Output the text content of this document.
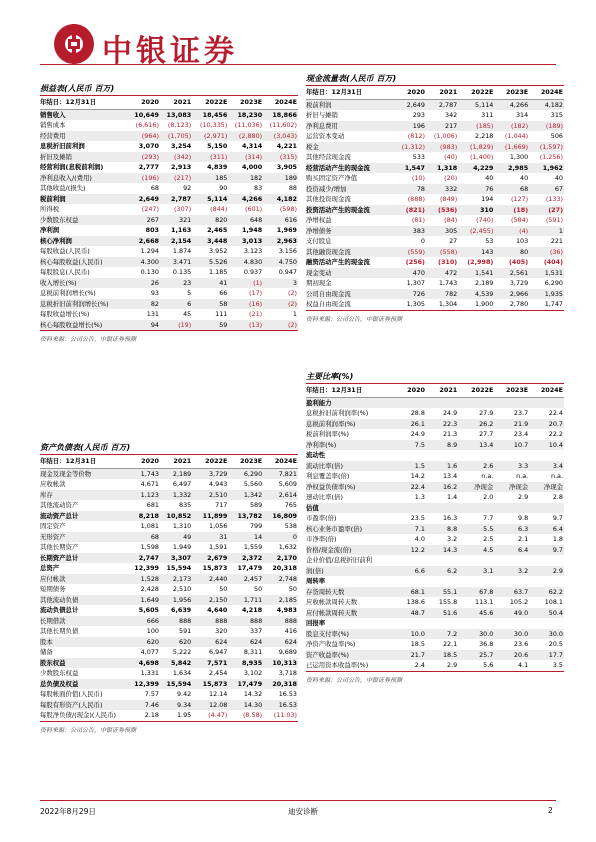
中银证券
损益表(人民币 百万)
年结日：12月31日	2020	2021	2022E	2023E	2024E
销售收入	10,649	13,083	18,456	18,230	18,866
销售成本	(6,616)	(8,123)	(10,335)	(11,036)	(11,602)
经营费用	(964)	(1,705)	(2,971)	(2,880)	(3,043)
息税折旧前利润	3,070	3,254	5,150	4,314	4,221
折旧及摊销	(293)	(342)	(311)	(314)	(315)
经营利润(息税前利润)	2,777	2,913	4,839	4,000	3,905
净利息收入/(费用)	(196)	(217)	185	182	189
其他收益/(损失)	68	92	90	83	88
税前利润	2,649	2,787	5,114	4,266	4,182
所得税	(247)	(307)	(844)	(601)	(598)
少数股东权益	267	321	820	648	616
净利润	803	1,163	2,465	1,948	1,969
核心净利润	2,668	2,154	3,448	3,013	2,963
每股收益(人民币)	1.294	1.874	3.952	3.123	3.156
核心每股收益(人民币)	4.300	3.471	5.526	4.830	4.750
每股股息(人民币)	0.130	0.135	1.185	0.937	0.947
收入增长(%)	26	23	41	(1)	3
息税前利润增长(%)	93	5	66	(17)	(2)
息税折旧前利润增长(%)	82	6	58	(16)	(2)
每股收益增长(%)	131	45	111	(21)	1
核心每股收益增长(%)	94	(19)	59	(13)	(2)
资料来源：公司公告，中银证券预测
资产负债表(人民币 百万)
年结日：12月31日	2020	2021	2022E	2023E	2024E
现金及现金等价物	1,743	2,189	3,729	6,290	7,821
应收帐款	4,671	6,497	4,943	5,560	5,609
库存	1,123	1,332	2,510	1,342	2,614
其他流动资产	681	835	717	589	765
流动资产总计	8,218	10,852	11,899	13,782	16,809
固定资产	1,081	1,310	1,056	799	538
无形资产	68	49	31	14	0
其他长期资产	1,598	1,949	1,591	1,559	1,632
长期资产总计	2,747	3,307	2,679	2,372	2,170
总资产	12,399	15,594	15,873	17,479	20,318
应付帐款	1,528	2,173	2,440	2,457	2,748
短期债务	2,428	2,510	50	50	50
其他流动负债	1,649	1,956	2,150	1,711	2,185
流动负债总计	5,605	6,639	4,640	4,218	4,983
长期借款	666	888	888	888	888
其他长期负债	100	591	320	337	416
股本	620	620	624	624	624
储备	4,077	5,222	6,947	8,311	9,689
股东权益	4,698	5,842	7,571	8,935	10,313
少数股东权益	1,331	1,634	2,454	3,102	3,718
总负债及权益	12,399	15,594	15,873	17,479	20,318
每股帐面价值(人民币)	7.57	9.42	12.14	14.32	16.53
每股有形资产(人民币)	7.46	9.34	12.08	14.30	16.53
每股净负债/(现金)(人民币)	2.18	1.95	(4.47)	(8.58)	(11.03)
资料来源：公司公告，中银证券预测
现金流量表(人民币 百万)
年结日：12月31日	2020	2021	2022E	2023E	2024E
税前利润	2,649	2,787	5,114	4,266	4,182
折旧与摊销	293	342	311	314	315
净利息费用	196	217	(185)	(182)	(189)
运营资本变动	(812)	(1,006)	2,218	(1,044)	506
税金	(1,312)	(983)	(1,829)	(1,669)	(1,597)
其他经营现金流	533	(40)	(1,400)	1,300	(1,256)
经营活动产生的现金流	1,547	1,318	4,229	2,985	1,962
购买固定资产净值	(10)	(20)	40	40	40
投资减少/增加	78	332	76	68	67
其他投资现金流	(888)	(849)	194	(127)	(133)
投资活动产生的现金流	(821)	(536)	310	(18)	(27)
净增权益	(81)	(84)	(740)	(584)	(591)
净增债务	383	305	(2,455)	(4)	1
支付股息	0	27	53	103	221
其他融资现金流	(559)	(558)	143	80	(36)
融资活动产生的现金流	(256)	(310)	(2,998)	(405)	(404)
现金变动	470	472	1,541	2,561	1,531
期初现金	1,307	1,743	2,189	3,729	6,290
公司自由现金流	726	782	4,539	2,966	1,935
权益自由现金流	1,305	1,304	1,900	2,780	1,747
资料来源：公司公告，中银证券预测
主要比率(%)
年结日：12月31日	2020	2021	2022E	2023E	2024E
盈利能力					
息税折旧前利润率(%)	28.8	24.9	27.9	23.7	22.4
息税前利润率(%)	26.1	22.3	26.2	21.9	20.7
税前利润率(%)	24.9	21.3	27.7	23.4	22.2
净利率(%)	7.5	8.9	13.4	10.7	10.4
流动性					
流动比率(倍)	1.5	1.6	2.6	3.3	3.4
利息覆盖率(倍)	14.2	13.4	n.a.	n.a.	n.a.
净权益负债率(%)	22.4	16.2	净现金	净现金	净现金
速动比率(倍)	1.3	1.4	2.0	2.9	2.8
估值					
市盈率(倍)	23.5	16.3	7.7	9.8	9.7
核心业务市盈率(倍)	7.1	8.8	5.5	6.3	6.4
市净率(倍)	4.0	3.2	2.5	2.1	1.8
价格/现金流(倍)	12.2	14.3	4.5	6.4	9.7
企业价值/息税折旧前利					
润(倍)	6.6	6.2	3.1	3.2	2.9
周转率					
存货周转天数	68.1	55.1	67.8	63.7	62.2
应收帐款周转天数	138.6	155.8	113.1	105.2	108.1
应付帐款周转天数	48.7	51.6	45.6	49.0	50.4
回报率					
股息支付率(%)	10.0	7.2	30.0	30.0	30.0
净资产收益率(%)	18.5	22.1	36.8	23.6	20.5
资产收益率(%)	21.7	18.5	25.7	20.6	17.7
已运用资本收益率(%)	2.4	2.9	5.6	4.1	3.5
资料来源：公司公告，中银证券预测
2022年8月29日	迪安诊断	2
